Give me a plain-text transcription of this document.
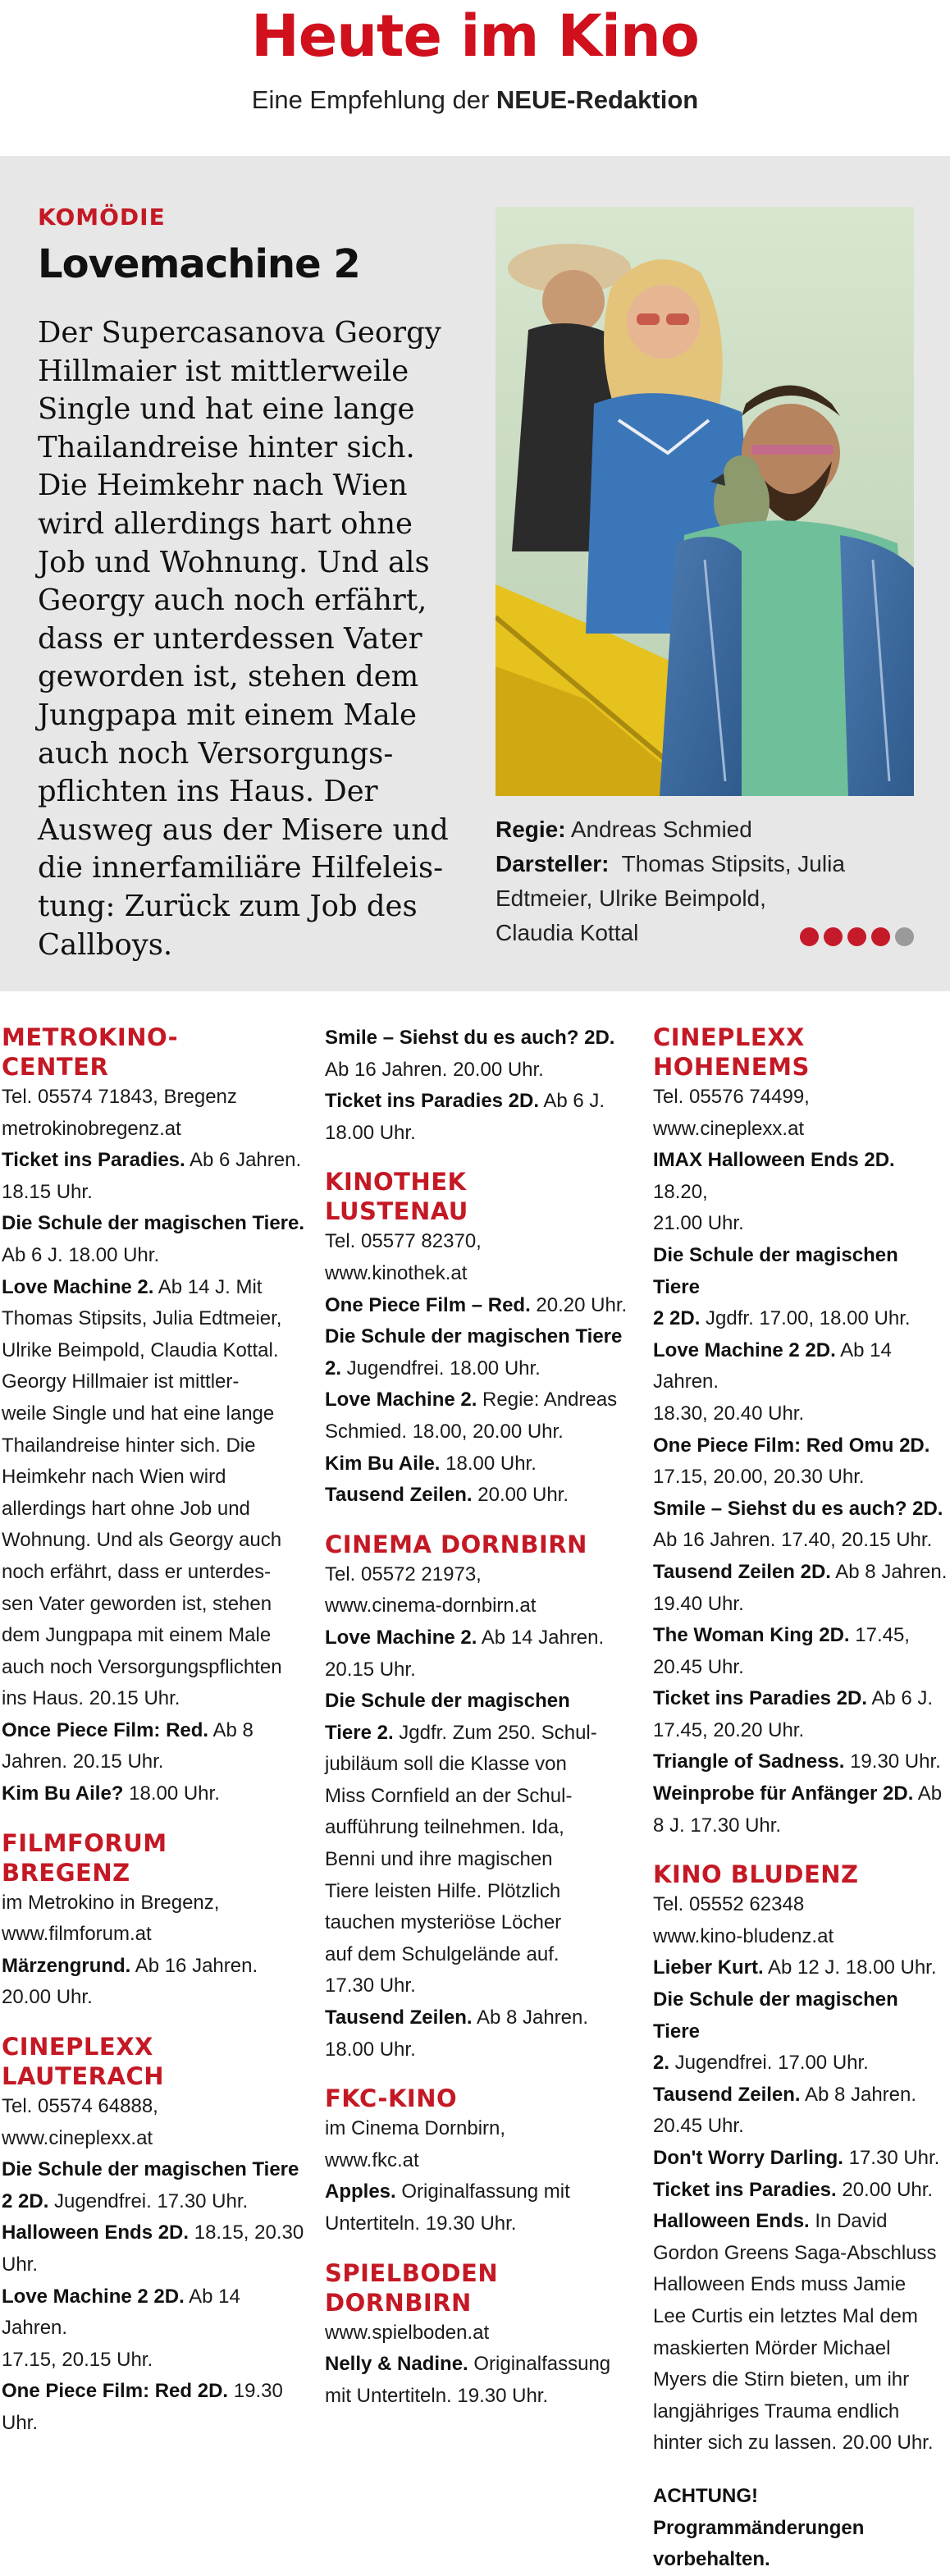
Heute im Kino
Eine Empfehlung der NEUE-Redaktion
KOMÖDIE
Lovemachine 2
Der Supercasanova Georgy
Hillmaier ist mittlerweile
Single und hat eine lange
Thailandreise hinter sich.
Die Heimkehr nach Wien
wird allerdings hart ohne
Job und Wohnung. Und als
Georgy auch noch erfährt,
dass er unterdessen Vater
geworden ist, stehen dem
Jungpapa mit einem Male
auch noch Versorgungs-
pflichten ins Haus. Der
Ausweg aus der Misere und
die innerfamiliäre Hilfeleis-
tung: Zurück zum Job des
Callboys.
Regie: Andreas Schmied
Darsteller: Thomas Stipsits, Julia
Edtmeier, Ulrike Beimpold,
Claudia Kottal
METROKINO-
CENTER

Tel. 05574 71843, Bregenz

metrokinobregenz.at

Ticket ins Paradies. Ab 6 Jahren.

18.15 Uhr.

Die Schule der magischen Tiere.

Ab 6 J. 18.00 Uhr.

Love Machine 2. Ab 14 J. Mit

Thomas Stipsits, Julia Edtmeier,

Ulrike Beimpold, Claudia Kottal.

Georgy Hillmaier ist mittler-

weile Single und hat eine lange

Thailandreise hinter sich. Die

Heimkehr nach Wien wird

allerdings hart ohne Job und

Wohnung. Und als Georgy auch

noch erfährt, dass er unterdes-

sen Vater geworden ist, stehen

dem Jungpapa mit einem Male

auch noch Versorgungspflichten

ins Haus. 20.15 Uhr.

Once Piece Film: Red. Ab 8

Jahren. 20.15 Uhr.

Kim Bu Aile? 18.00 Uhr.

FILMFORUM
BREGENZ

im Metrokino in Bregenz,

www.filmforum.at

Märzengrund. Ab 16 Jahren.

20.00 Uhr.

CINEPLEXX
LAUTERACH

Tel. 05574 64888,

www.cineplexx.at

Die Schule der magischen Tiere

2 2D. Jugendfrei. 17.30 Uhr.

Halloween Ends 2D. 18.15, 20.30

Uhr.

Love Machine 2 2D. Ab 14 Jahren.

17.15, 20.15 Uhr.

One Piece Film: Red 2D. 19.30

Uhr.

Smile – Siehst du es auch? 2D.

Ab 16 Jahren. 20.00 Uhr.

Ticket ins Paradies 2D. Ab 6 J.

18.00 Uhr.

KINOTHEK
LUSTENAU

Tel. 05577 82370,

www.kinothek.at

One Piece Film – Red. 20.20 Uhr.

Die Schule der magischen Tiere

2. Jugendfrei. 18.00 Uhr.

Love Machine 2. Regie: Andreas

Schmied. 18.00, 20.00 Uhr.

Kim Bu Aile. 18.00 Uhr.

Tausend Zeilen. 20.00 Uhr.

CINEMA DORNBIRN

Tel. 05572 21973,

www.cinema-dornbirn.at

Love Machine 2. Ab 14 Jahren.

20.15 Uhr.

Die Schule der magischen

Tiere 2. Jgdfr. Zum 250. Schul-

jubiläum soll die Klasse von

Miss Cornfield an der Schul-

aufführung teilnehmen. Ida,

Benni und ihre magischen

Tiere leisten Hilfe. Plötzlich

tauchen mysteriöse Löcher

auf dem Schulgelände auf.

17.30 Uhr.

Tausend Zeilen. Ab 8 Jahren.

18.00 Uhr.

FKC-KINO

im Cinema Dornbirn,

www.fkc.at

Apples. Originalfassung mit

Untertiteln. 19.30 Uhr.

SPIELBODEN
DORNBIRN

www.spielboden.at

Nelly & Nadine. Originalfassung

mit Untertiteln. 19.30 Uhr.

CINEPLEXX
HOHENEMS

Tel. 05576 74499,

www.cineplexx.at

IMAX Halloween Ends 2D. 18.20,

21.00 Uhr.

Die Schule der magischen Tiere

2 2D. Jgdfr. 17.00, 18.00 Uhr.

Love Machine 2 2D. Ab 14 Jahren.

18.30, 20.40 Uhr.

One Piece Film: Red Omu 2D.

17.15, 20.00, 20.30 Uhr.

Smile – Siehst du es auch? 2D.

Ab 16 Jahren. 17.40, 20.15 Uhr.

Tausend Zeilen 2D. Ab 8 Jahren.

19.40 Uhr.

The Woman King 2D. 17.45,

20.45 Uhr.

Ticket ins Paradies 2D. Ab 6 J.

17.45, 20.20 Uhr.

Triangle of Sadness. 19.30 Uhr.

Weinprobe für Anfänger 2D. Ab

8 J. 17.30 Uhr.

KINO BLUDENZ

Tel. 05552 62348

www.kino-bludenz.at

Lieber Kurt. Ab 12 J. 18.00 Uhr.

Die Schule der magischen Tiere

2. Jugendfrei. 17.00 Uhr.

Tausend Zeilen. Ab 8 Jahren.

20.45 Uhr.

Don't Worry Darling. 17.30 Uhr.

Ticket ins Paradies. 20.00 Uhr.

Halloween Ends. In David

Gordon Greens Saga-Abschluss

Halloween Ends muss Jamie

Lee Curtis ein letztes Mal dem

maskierten Mörder Michael

Myers die Stirn bieten, um ihr

langjähriges Trauma endlich

hinter sich zu lassen. 20.00 Uhr.

ACHTUNG! Programmänderungen

vorbehalten.
